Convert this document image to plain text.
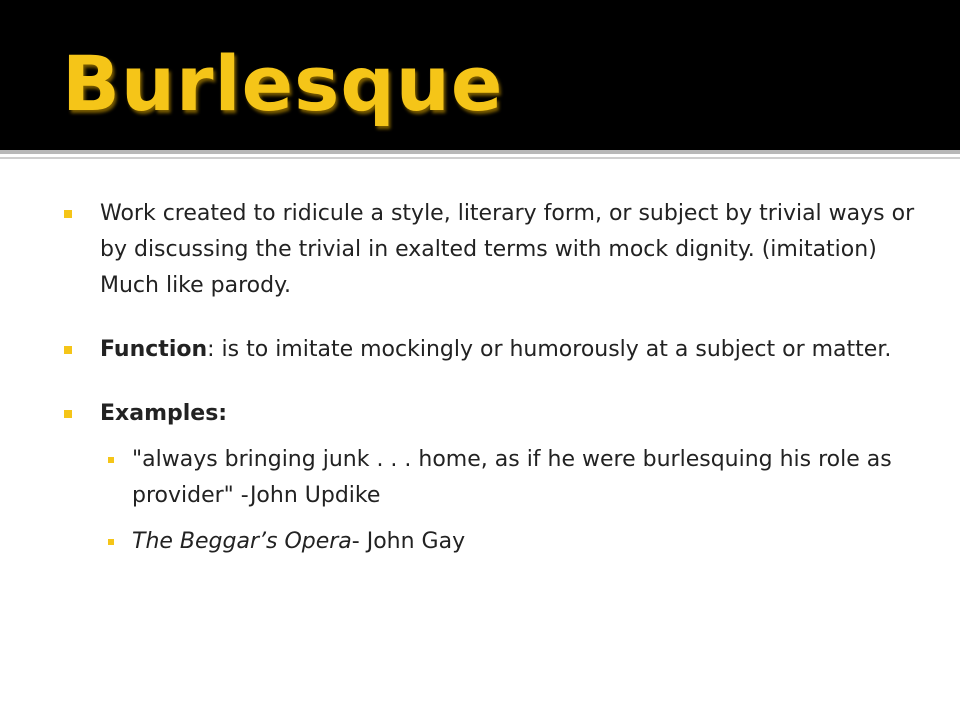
Burlesque
Work created to ridicule a style, literary form, or subject by trivial ways or by discussing the trivial in exalted terms with mock dignity. (imitation) Much like parody.
Function: is to imitate mockingly or humorously at a subject or matter.
Examples:
"always bringing junk . . . home, as if he were burlesquing his role as provider" -John Updike
The Beggar’s Opera- John Gay
